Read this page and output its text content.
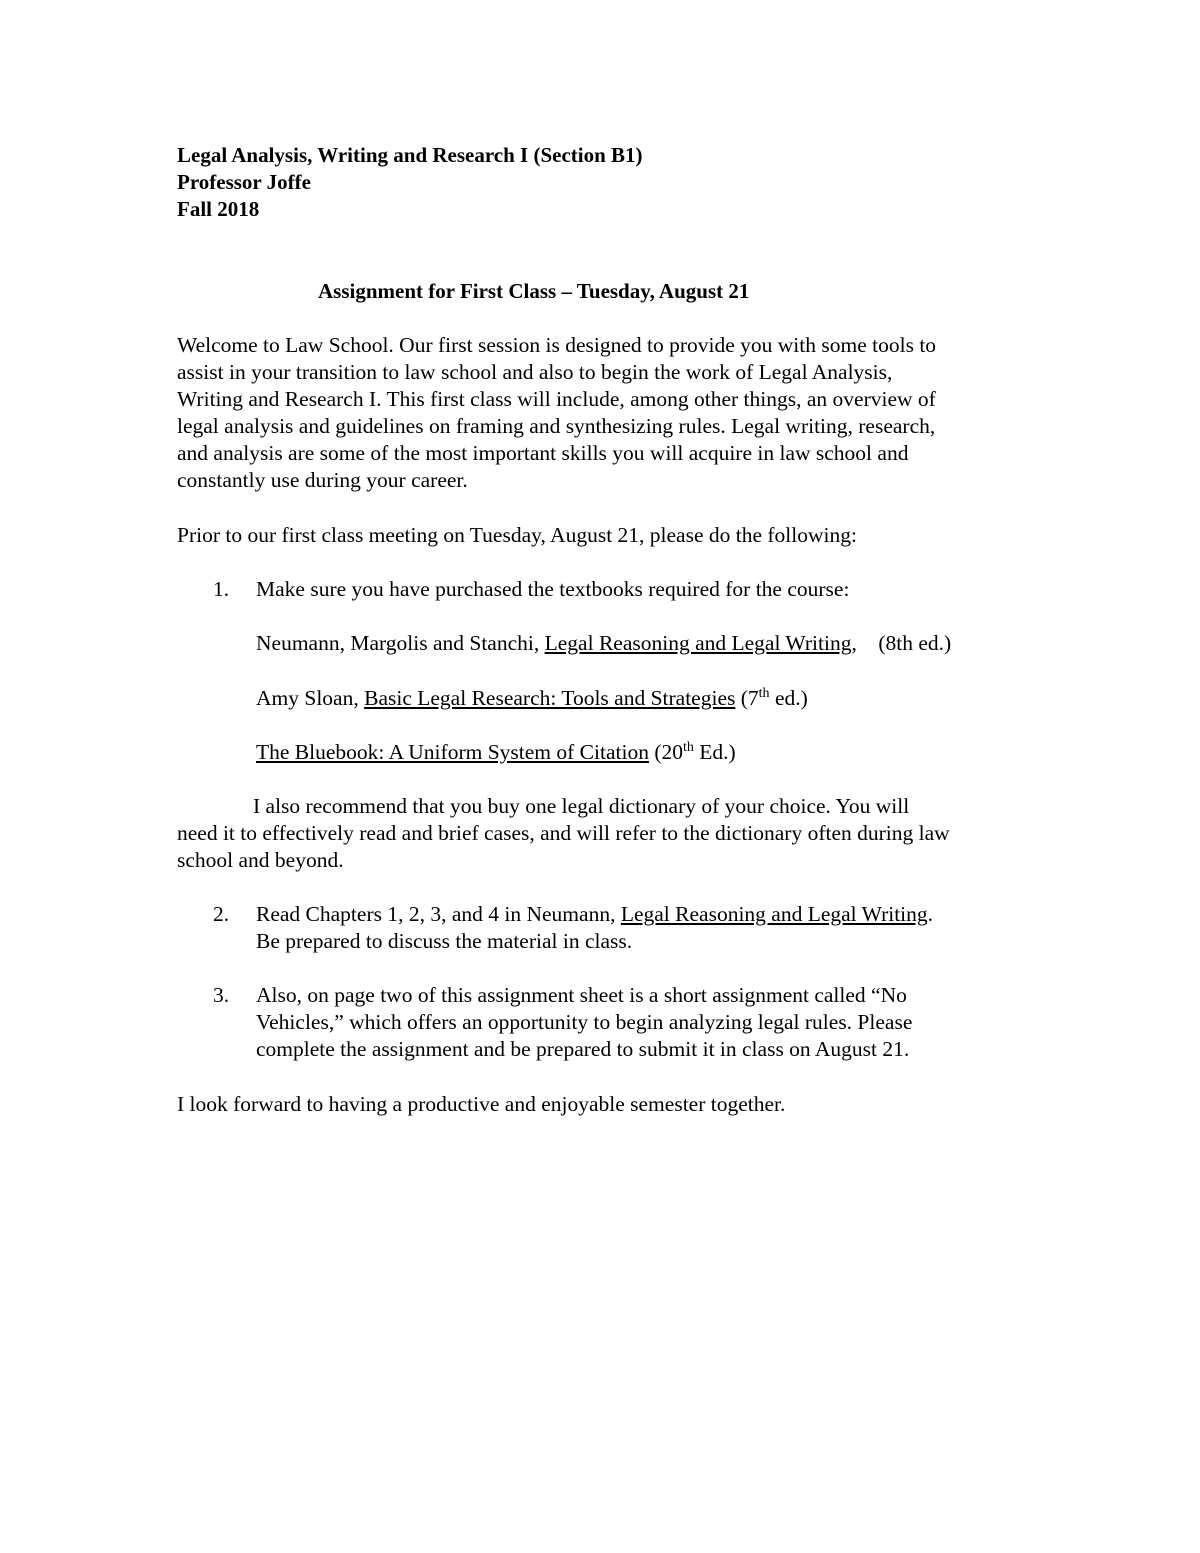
Legal Analysis, Writing and Research I (Section B1)
Professor Joffe
Fall 2018
Assignment for First Class – Tuesday, August 21
Welcome to Law School. Our first session is designed to provide you with some tools to
assist in your transition to law school and also to begin the work of Legal Analysis,
Writing and Research I. This first class will include, among other things, an overview of
legal analysis and guidelines on framing and synthesizing rules. Legal writing, research,
and analysis are some of the most important skills you will acquire in law school and
constantly use during your career.
Prior to our first class meeting on Tuesday, August 21, please do the following:
1. Make sure you have purchased the textbooks required for the course:
Neumann, Margolis and Stanchi, Legal Reasoning and Legal Writing,    (8th ed.)
Amy Sloan, Basic Legal Research: Tools and Strategies (7th ed.)
The Bluebook: A Uniform System of Citation (20th Ed.)
I also recommend that you buy one legal dictionary of your choice. You will
need it to effectively read and brief cases, and will refer to the dictionary often during law
school and beyond.
2. Read Chapters 1, 2, 3, and 4 in Neumann, Legal Reasoning and Legal Writing.
Be prepared to discuss the material in class.
3. Also, on page two of this assignment sheet is a short assignment called “No
Vehicles,” which offers an opportunity to begin analyzing legal rules. Please
complete the assignment and be prepared to submit it in class on August 21.
I look forward to having a productive and enjoyable semester together.
